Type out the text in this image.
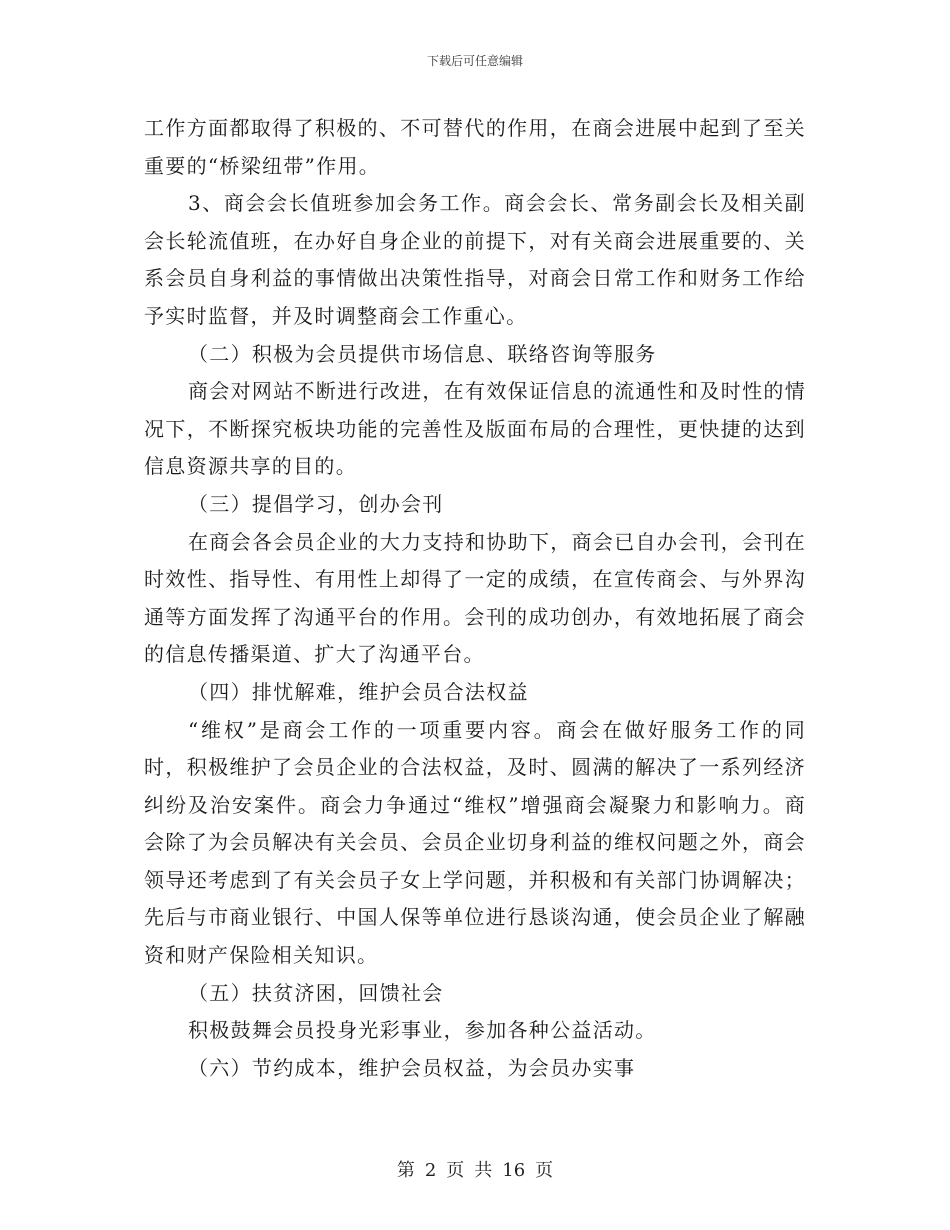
下载后可任意编辑

工作方面都取得了积极的、不可替代的作用，在商会进展中起到了至关重要的“桥梁纽带”作用。

3、商会会长值班参加会务工作。商会会长、常务副会长及相关副会长轮流值班，在办好自身企业的前提下，对有关商会进展重要的、关系会员自身利益的事情做出决策性指导，对商会日常工作和财务工作给予实时监督，并及时调整商会工作重心。

（二）积极为会员提供市场信息、联络咨询等服务

商会对网站不断进行改进，在有效保证信息的流通性和及时性的情况下，不断探究板块功能的完善性及版面布局的合理性，更快捷的达到信息资源共享的目的。

（三）提倡学习，创办会刊

在商会各会员企业的大力支持和协助下，商会已自办会刊，会刊在时效性、指导性、有用性上却得了一定的成绩，在宣传商会、与外界沟通等方面发挥了沟通平台的作用。会刊的成功创办，有效地拓展了商会的信息传播渠道、扩大了沟通平台。

（四）排忧解难，维护会员合法权益

“维权”是商会工作的一项重要内容。商会在做好服务工作的同时，积极维护了会员企业的合法权益，及时、圆满的解决了一系列经济纠纷及治安案件。商会力争通过“维权”增强商会凝聚力和影响力。商会除了为会员解决有关会员、会员企业切身利益的维权问题之外，商会领导还考虑到了有关会员子女上学问题，并积极和有关部门协调解决；先后与市商业银行、中国人保等单位进行恳谈沟通，使会员企业了解融资和财产保险相关知识。

（五）扶贫济困，回馈社会

积极鼓舞会员投身光彩事业，参加各种公益活动。

（六）节约成本，维护会员权益，为会员办实事

第 2 页 共 16 页
